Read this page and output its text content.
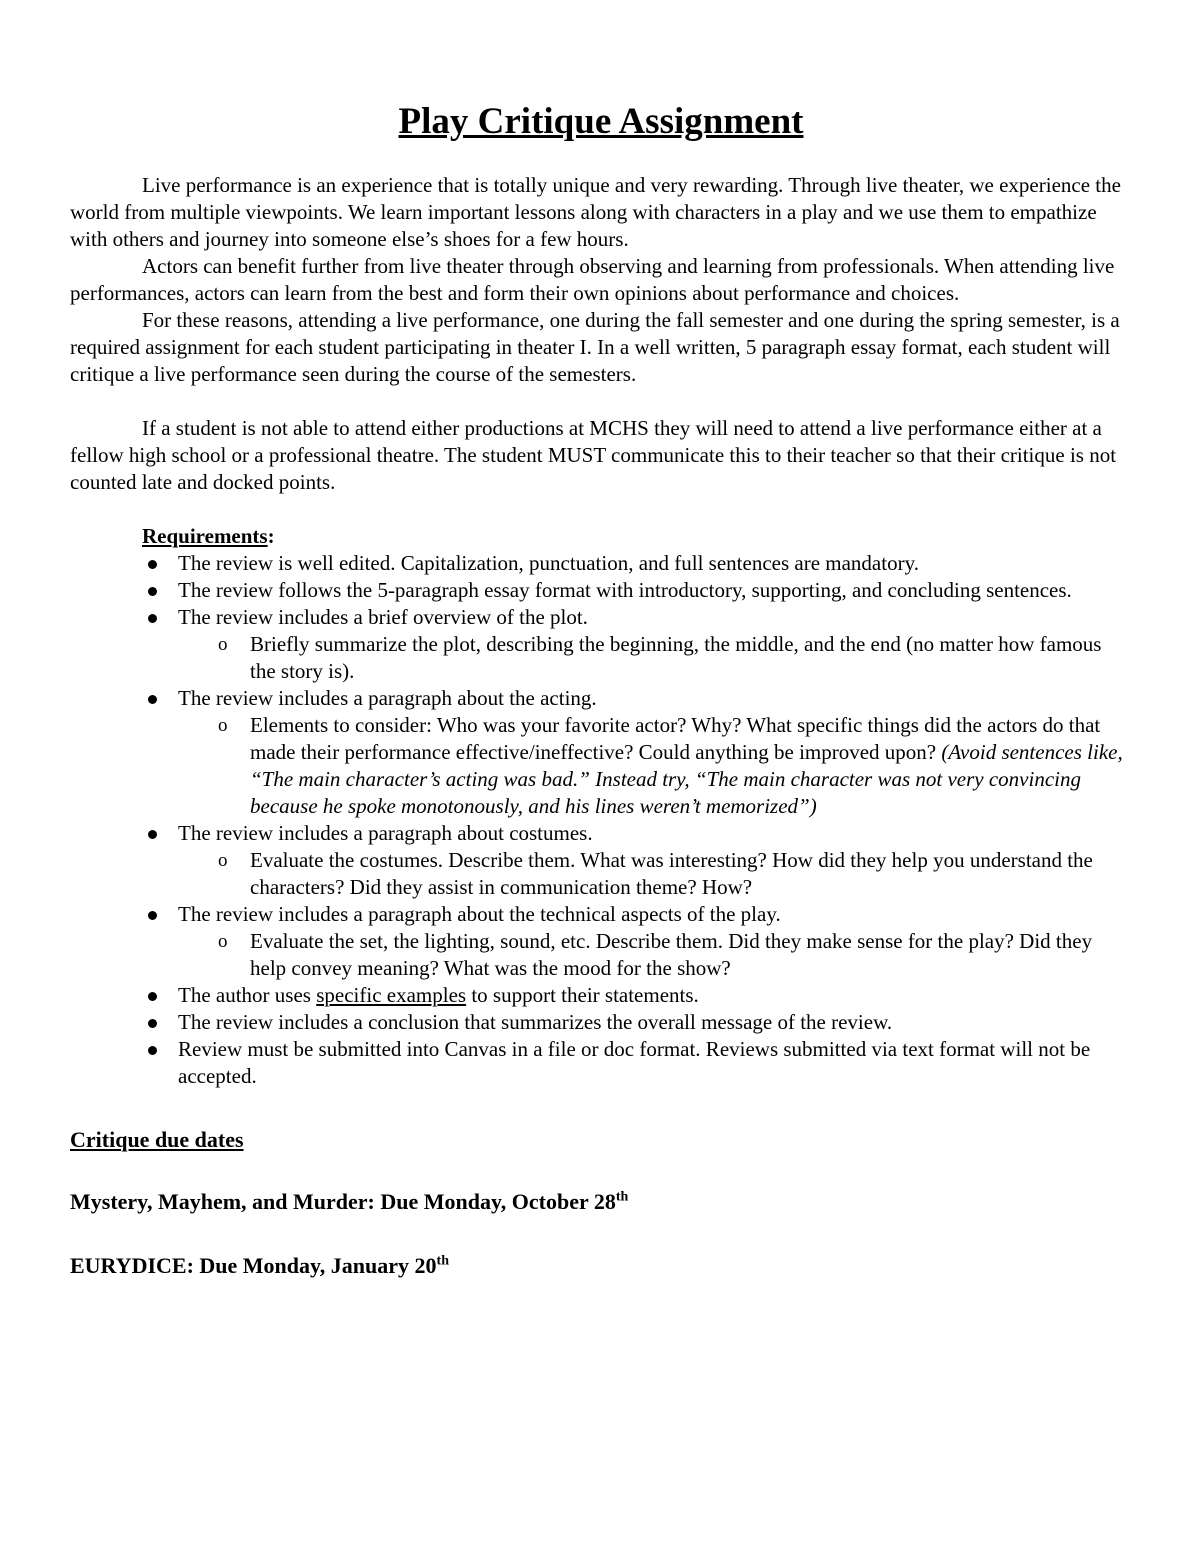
Play Critique Assignment

Live performance is an experience that is totally unique and very rewarding. Through live theater, we experience the world from multiple viewpoints. We learn important lessons along with characters in a play and we use them to empathize with others and journey into someone else’s shoes for a few hours.

Actors can benefit further from live theater through observing and learning from professionals. When attending live performances, actors can learn from the best and form their own opinions about performance and choices.

For these reasons, attending a live performance, one during the fall semester and one during the spring semester, is a required assignment for each student participating in theater I. In a well written, 5 paragraph essay format, each student will critique a live performance seen during the course of the semesters.

If a student is not able to attend either productions at MCHS they will need to attend a live performance either at a fellow high school or a professional theatre. The student MUST communicate this to their teacher so that their critique is not counted late and docked points.

Requirements:
The review is well edited. Capitalization, punctuation, and full sentences are mandatory.
The review follows the 5-paragraph essay format with introductory, supporting, and concluding sentences.
The review includes a brief overview of the plot.
o Briefly summarize the plot, describing the beginning, the middle, and the end (no matter how famous the story is).
The review includes a paragraph about the acting.
o Elements to consider: Who was your favorite actor? Why? What specific things did the actors do that made their performance effective/ineffective? Could anything be improved upon? (Avoid sentences like, “The main character’s acting was bad.” Instead try, “The main character was not very convincing because he spoke monotonously, and his lines weren’t memorized”)
The review includes a paragraph about costumes.
o Evaluate the costumes. Describe them. What was interesting? How did they help you understand the characters? Did they assist in communication theme? How?
The review includes a paragraph about the technical aspects of the play.
o Evaluate the set, the lighting, sound, etc. Describe them. Did they make sense for the play? Did they help convey meaning? What was the mood for the show?
The author uses specific examples to support their statements.
The review includes a conclusion that summarizes the overall message of the review.
Review must be submitted into Canvas in a file or doc format. Reviews submitted via text format will not be accepted.
Critique due dates
Mystery, Mayhem, and Murder: Due Monday, October 28th
EURYDICE: Due Monday, January 20th
